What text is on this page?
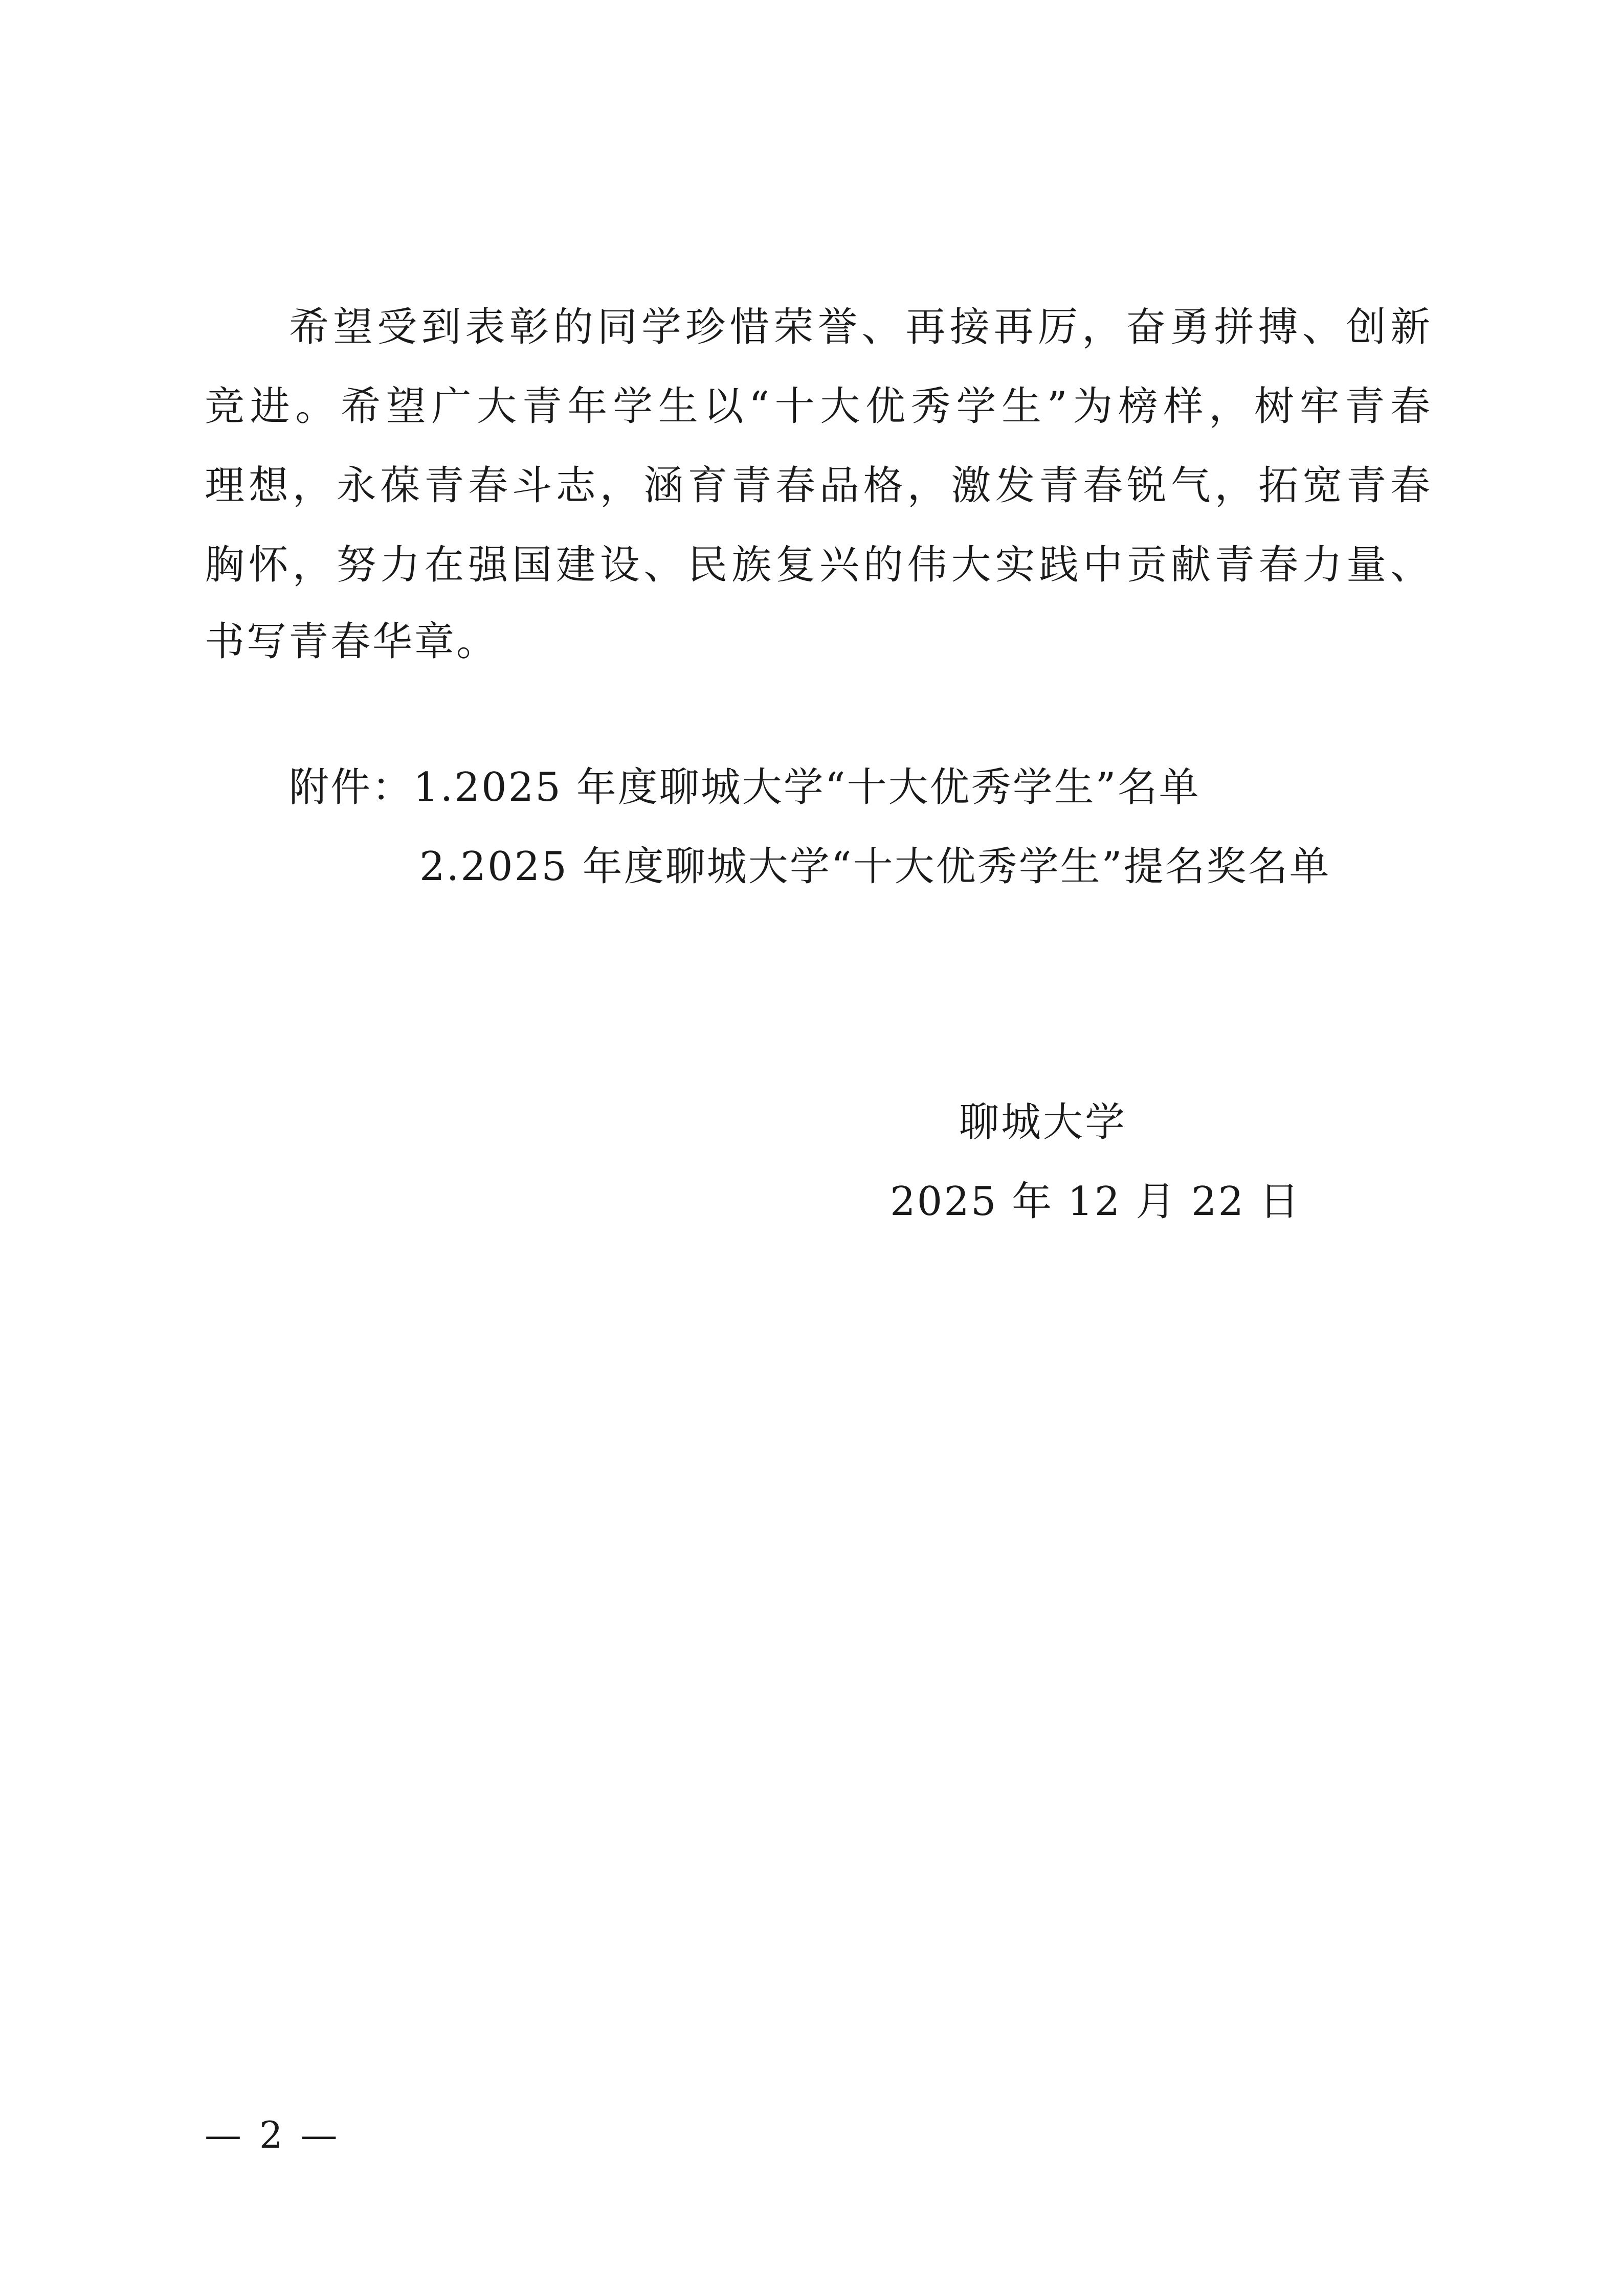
希望受到表彰的同学珍惜荣誉、再接再厉，奋勇拼搏、创新
竞进。希望广大青年学生以“十大优秀学生”为榜样，树牢青春
理想，永葆青春斗志，涵育青春品格，激发青春锐气，拓宽青春
胸怀，努力在强国建设、民族复兴的伟大实践中贡献青春力量、
书写青春华章。
附件：1.2025 年度聊城大学“十大优秀学生”名单
2.2025 年度聊城大学“十大优秀学生”提名奖名单
聊城大学
2025 年 12 月 22 日
— 2 —
